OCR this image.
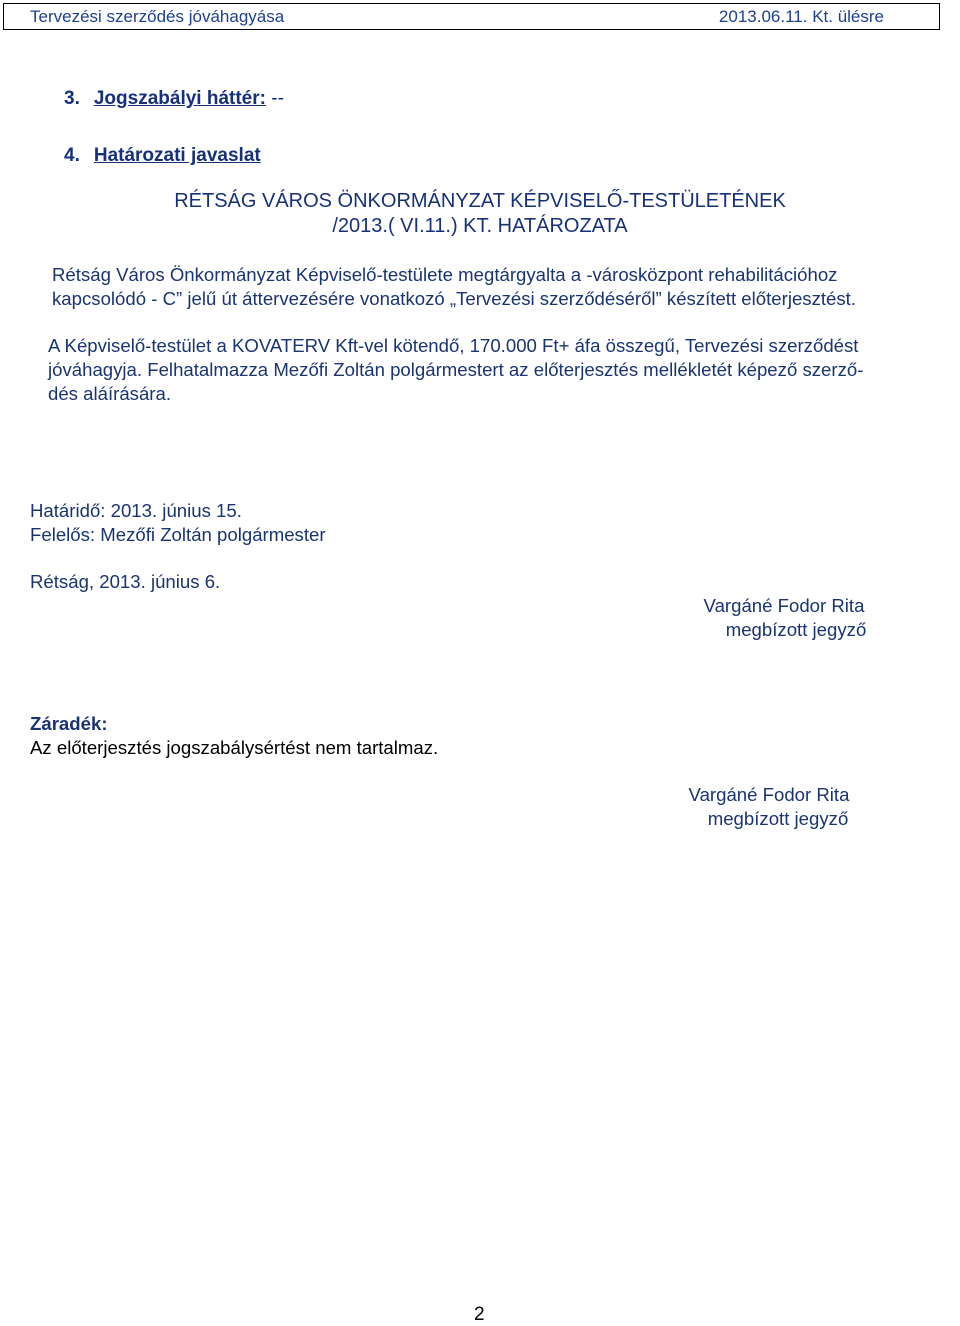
Tervezési szerződés jóváhagyása	2013.06.11. Kt. ülésre
3. Jogszabályi háttér: --
4. Határozati javaslat
RÉTSÁG VÁROS ÖNKORMÁNYZAT KÉPVISELŐ-TESTÜLETÉNEK
/2013.( VI.11.) KT. HATÁROZATA
Rétság Város Önkormányzat Képviselő-testülete megtárgyalta a -városközpont rehabilitációhoz
kapcsolódó - C” jelű út áttervezésére vonatkozó „Tervezési szerződéséről” készített előterjesztést.
A Képviselő-testület a KOVATERV Kft-vel kötendő, 170.000 Ft+ áfa összegű, Tervezési szerződést
jóváhagyja. Felhatalmazza Mezőfi Zoltán polgármestert az előterjesztés mellékletét képező szerző-
dés aláírására.
Határidő: 2013. június 15.
Felelős: Mezőfi Zoltán polgármester
Rétság, 2013. június 6.
Vargáné Fodor Rita
megbízott jegyző
Záradék:
Az előterjesztés jogszabálysértést nem tartalmaz.
Vargáné Fodor Rita
megbízott jegyző
2
